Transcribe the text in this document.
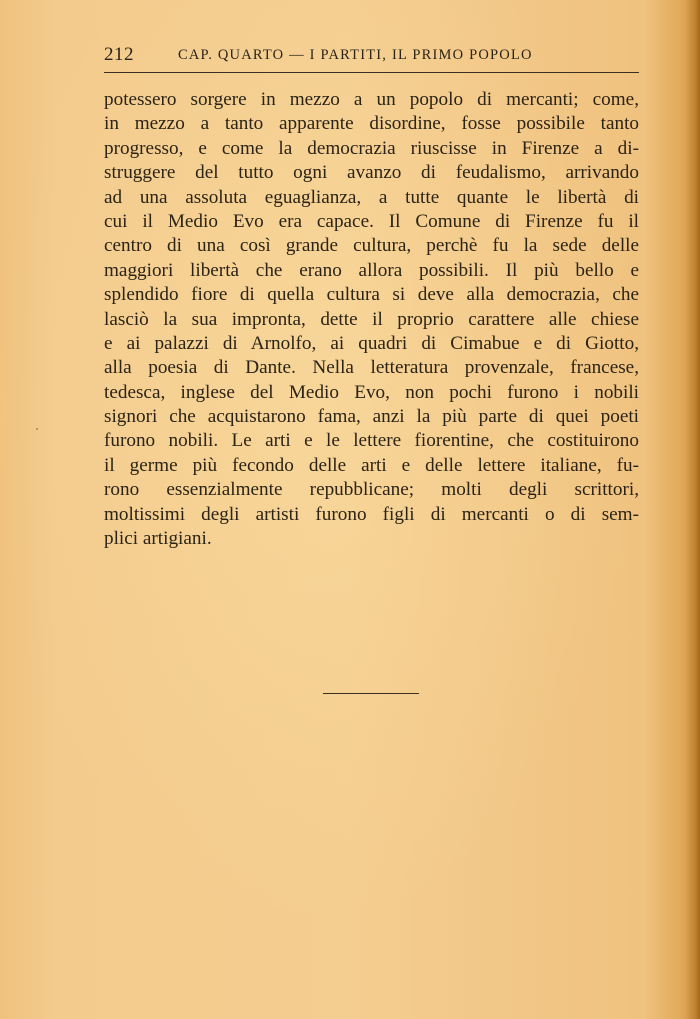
212	CAP. QUARTO — I PARTITI, IL PRIMO POPOLO
potessero sorgere in mezzo a un popolo di mercanti; come,
in mezzo a tanto apparente disordine, fosse possibile tanto
progresso, e come la democrazia riuscisse in Firenze a di-
struggere del tutto ogni avanzo di feudalismo, arrivando
ad una assoluta eguaglianza, a tutte quante le libertà di
cui il Medio Evo era capace. Il Comune di Firenze fu il
centro di una così grande cultura, perchè fu la sede delle
maggiori libertà che erano allora possibili. Il più bello e
splendido fiore di quella cultura si deve alla democrazia, che
lasciò la sua impronta, dette il proprio carattere alle chiese
e ai palazzi di Arnolfo, ai quadri di Cimabue e di Giotto,
alla poesia di Dante. Nella letteratura provenzale, francese,
tedesca, inglese del Medio Evo, non pochi furono i nobili
signori che acquistarono fama, anzi la più parte di quei poeti
furono nobili. Le arti e le lettere fiorentine, che costituirono
il germe più fecondo delle arti e delle lettere italiane, fu-
rono essenzialmente repubblicane; molti degli scrittori,
moltissimi degli artisti furono figli di mercanti o di sem-
plici artigiani.
